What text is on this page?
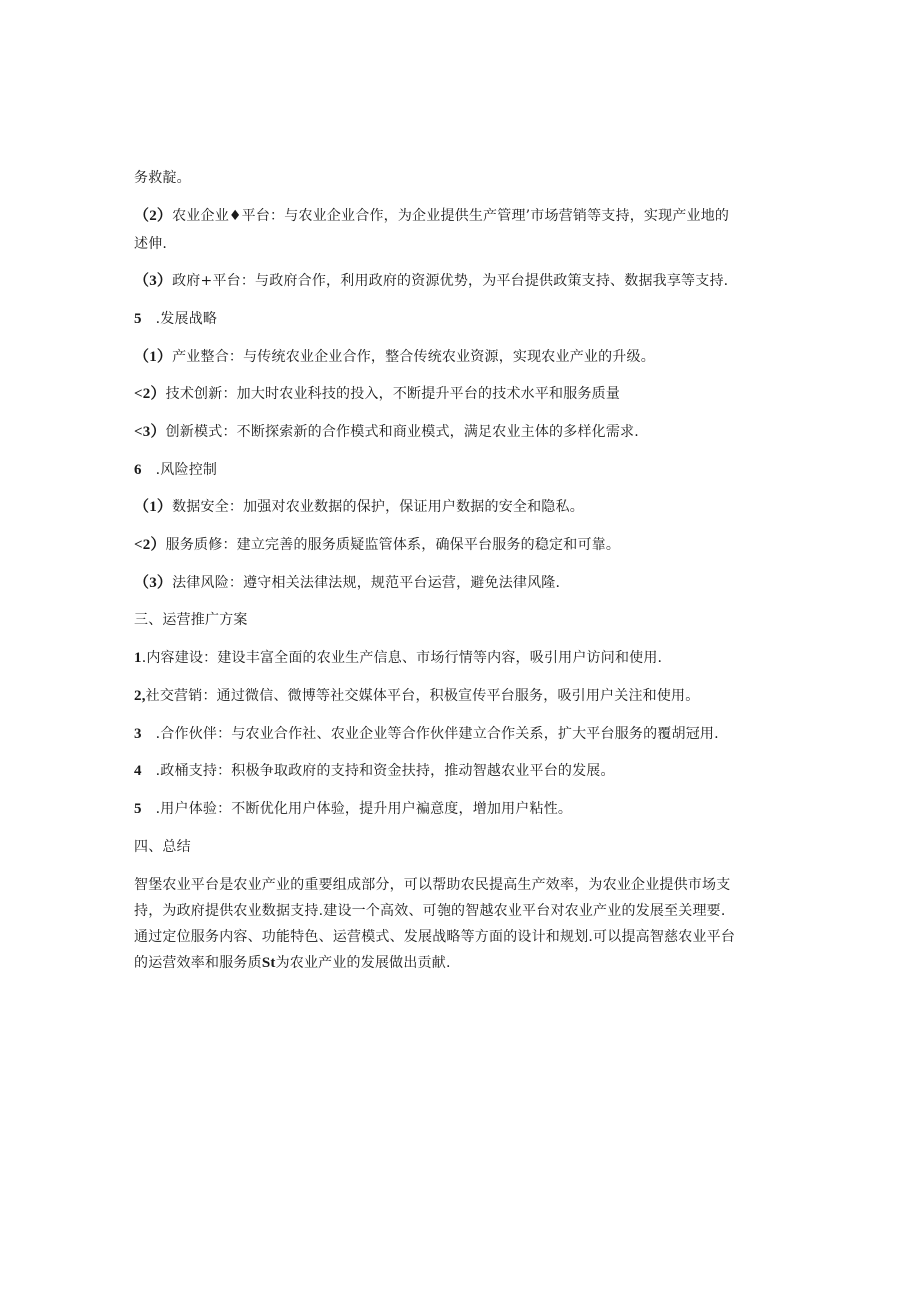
务救靛。
（2）农业企业♦平台：与农业企业合作，为企业提供生产管理’市场营销等支持，实现产业地的
述伸.
（3）政府+平台：与政府合作，利用政府的资源优势，为平台提供政策支持、数据我享等支持.
5 .发展战略
（1）产业整合：与传统农业企业合作，整合传统农业资源，实现农业产业的升级。
<2）技术创新：加大时农业科技的投入，不断提升平台的技术水平和服务质量
<3）创新模式：不断探索新的合作模式和商业模式，满足农业主体的多样化需求.
6 .风险控制
（1）数据安全：加强对农业数据的保护，保证用户数据的安全和隐私。
<2）服务质修：建立完善的服务质疑监管体系，确保平台服务的稳定和可靠。
（3）法律风险：遵守相关法律法规，规范平台运营，避免法律风隆.
三、运营推广方案
1.内容建设：建设丰富全面的农业生产信息、市场行情等内容，吸引用户访问和使用.
2,社交营销：通过微信、微博等社交媒体平台，积极宣传平台服务，吸引用户关注和使用。
3 .合作伙伴：与农业合作社、农业企业等合作伙伴建立合作关系，扩大平台服务的覆胡冠用.
4 .政桶支持：积极争取政府的支持和资金扶持，推动智越农业平台的发展。
5 .用户体验：不断优化用户体验，提升用户褊意度，增加用户粘性。
四、总结
智堡农业平台是农业产业的重要组成部分，可以帮助农民提高生产效率，为农业企业提供市场支
持，为政府提供农业数据支持.建设一个高效、可匏的智越农业平台对农业产业的发展至关理要.
通过定位服务内容、功能特色、运营模式、发展战略等方面的设计和规划.可以提高智慈农业平台
的运营效率和服务质St为农业产业的发展做出贡献.
